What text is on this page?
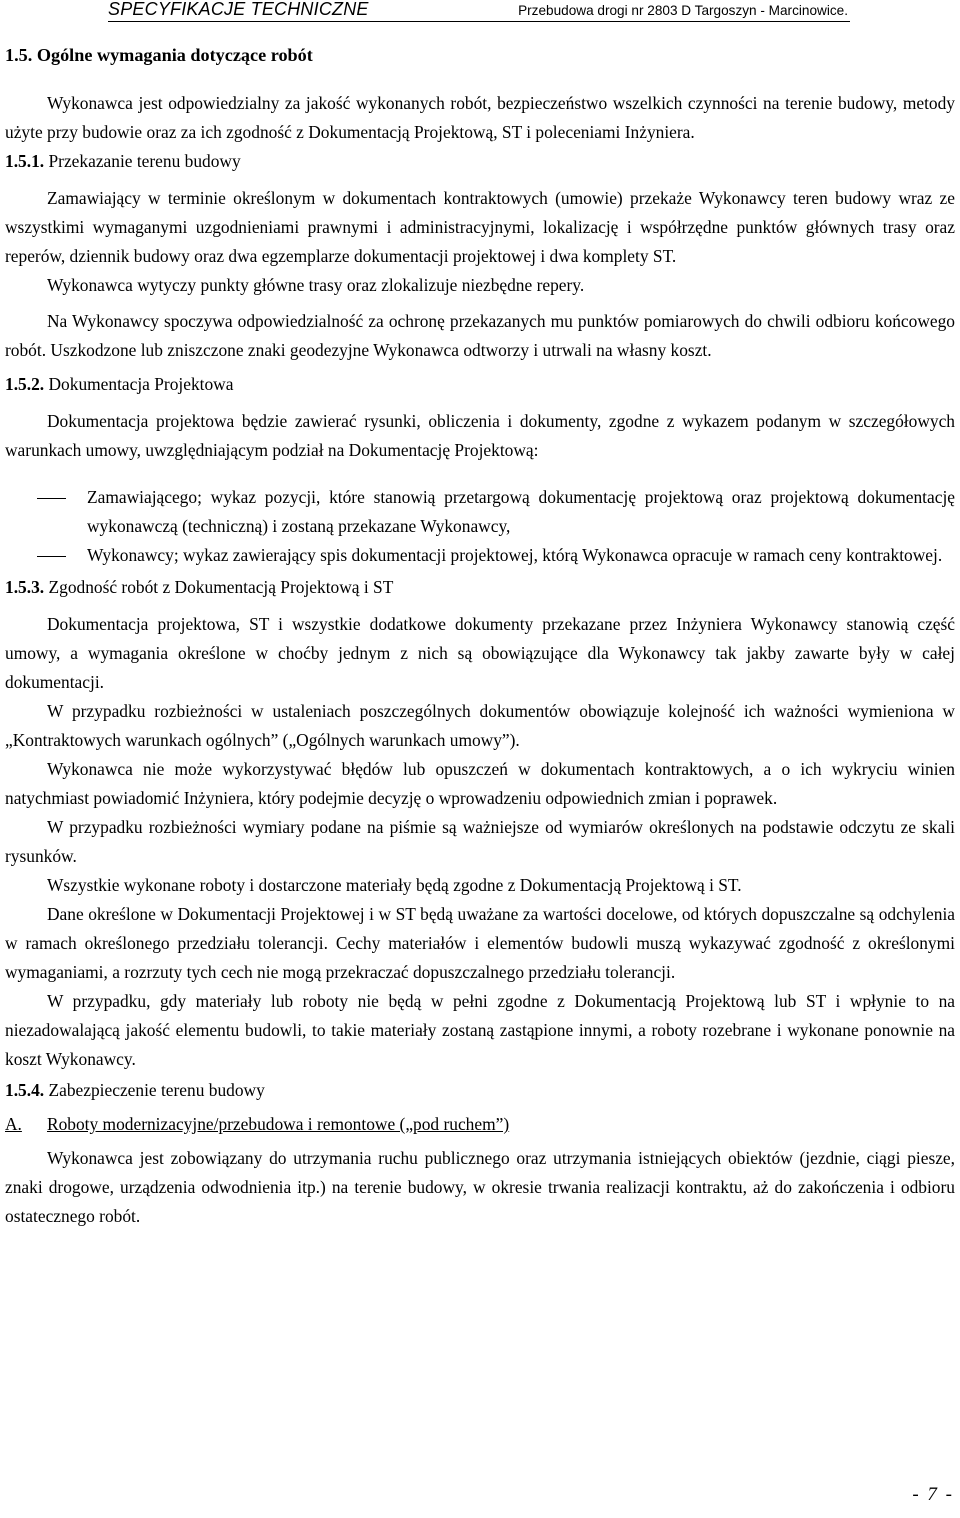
SPECYFIKACJE TECHNICZNE	Przebudowa drogi nr 2803 D Targoszyn - Marcinowice.
1.5. Ogólne wymagania dotyczące robót

Wykonawca jest odpowiedzialny za jakość wykonanych robót, bezpieczeństwo wszelkich czynności na terenie budowy, metody użyte przy budowie oraz za ich zgodność z Dokumentacją Projektową, ST i poleceniami Inżyniera.

1.5.1. Przekazanie terenu budowy

Zamawiający w terminie określonym w dokumentach kontraktowych (umowie) przekaże Wykonawcy teren budowy wraz ze wszystkimi wymaganymi uzgodnieniami prawnymi i administracyjnymi, lokalizację i współrzędne punktów głównych trasy oraz reperów, dziennik budowy oraz dwa egzemplarze dokumentacji projektowej i dwa komplety ST.

Wykonawca wytyczy punkty główne trasy oraz zlokalizuje niezbędne repery.

Na Wykonawcy spoczywa odpowiedzialność za ochronę przekazanych mu punktów pomiarowych do chwili odbioru końcowego robót. Uszkodzone lub zniszczone znaki geodezyjne Wykonawca odtworzy i utrwali na własny koszt.

1.5.2. Dokumentacja Projektowa

Dokumentacja projektowa będzie zawierać rysunki, obliczenia i dokumenty, zgodne z wykazem podanym w szczegółowych warunkach umowy, uwzględniającym podział na Dokumentację Projektową:

Zamawiającego; wykaz pozycji, które stanowią przetargową dokumentację projektową oraz projektową dokumentację wykonawczą (techniczną) i zostaną przekazane Wykonawcy,
Wykonawcy; wykaz zawierający spis dokumentacji projektowej, którą Wykonawca opracuje w ramach ceny kontraktowej.
1.5.3. Zgodność robót z Dokumentacją Projektową i ST

Dokumentacja projektowa, ST i wszystkie dodatkowe dokumenty przekazane przez Inżyniera Wykonawcy stanowią część umowy, a wymagania określone w choćby jednym z nich są obowiązujące dla Wykonawcy tak jakby zawarte były w całej dokumentacji.

W przypadku rozbieżności w ustaleniach poszczególnych dokumentów obowiązuje kolejność ich ważności wymieniona w „Kontraktowych warunkach ogólnych” („Ogólnych warunkach umowy”).

Wykonawca nie może wykorzystywać błędów lub opuszczeń w dokumentach kontraktowych, a o ich wykryciu winien natychmiast powiadomić Inżyniera, który podejmie decyzję o wprowadzeniu odpowiednich zmian i poprawek.

W przypadku rozbieżności wymiary podane na piśmie są ważniejsze od wymiarów określonych na podstawie odczytu ze skali rysunków.

Wszystkie wykonane roboty i dostarczone materiały będą zgodne z Dokumentacją Projektową i ST.

Dane określone w Dokumentacji Projektowej i w ST będą uważane za wartości docelowe, od których dopuszczalne są odchylenia w ramach określonego przedziału tolerancji. Cechy materiałów i elementów budowli muszą wykazywać zgodność z określonymi wymaganiami, a rozrzuty tych cech nie mogą przekraczać dopuszczalnego przedziału tolerancji.

W przypadku, gdy materiały lub roboty nie będą w pełni zgodne z Dokumentacją Projektową lub ST i wpłynie to na niezadowalającą jakość elementu budowli, to takie materiały zostaną zastąpione innymi, a roboty rozebrane i wykonane ponownie na koszt Wykonawcy.

1.5.4. Zabezpieczenie terenu budowy
A.	Roboty modernizacyjne/przebudowa i remontowe („pod ruchem”)

Wykonawca jest zobowiązany do utrzymania ruchu publicznego oraz utrzymania istniejących obiektów (jezdnie, ciągi piesze, znaki drogowe, urządzenia odwodnienia itp.) na terenie budowy, w okresie trwania realizacji kontraktu, aż do zakończenia i odbioru ostatecznego robót.

- 7 -
